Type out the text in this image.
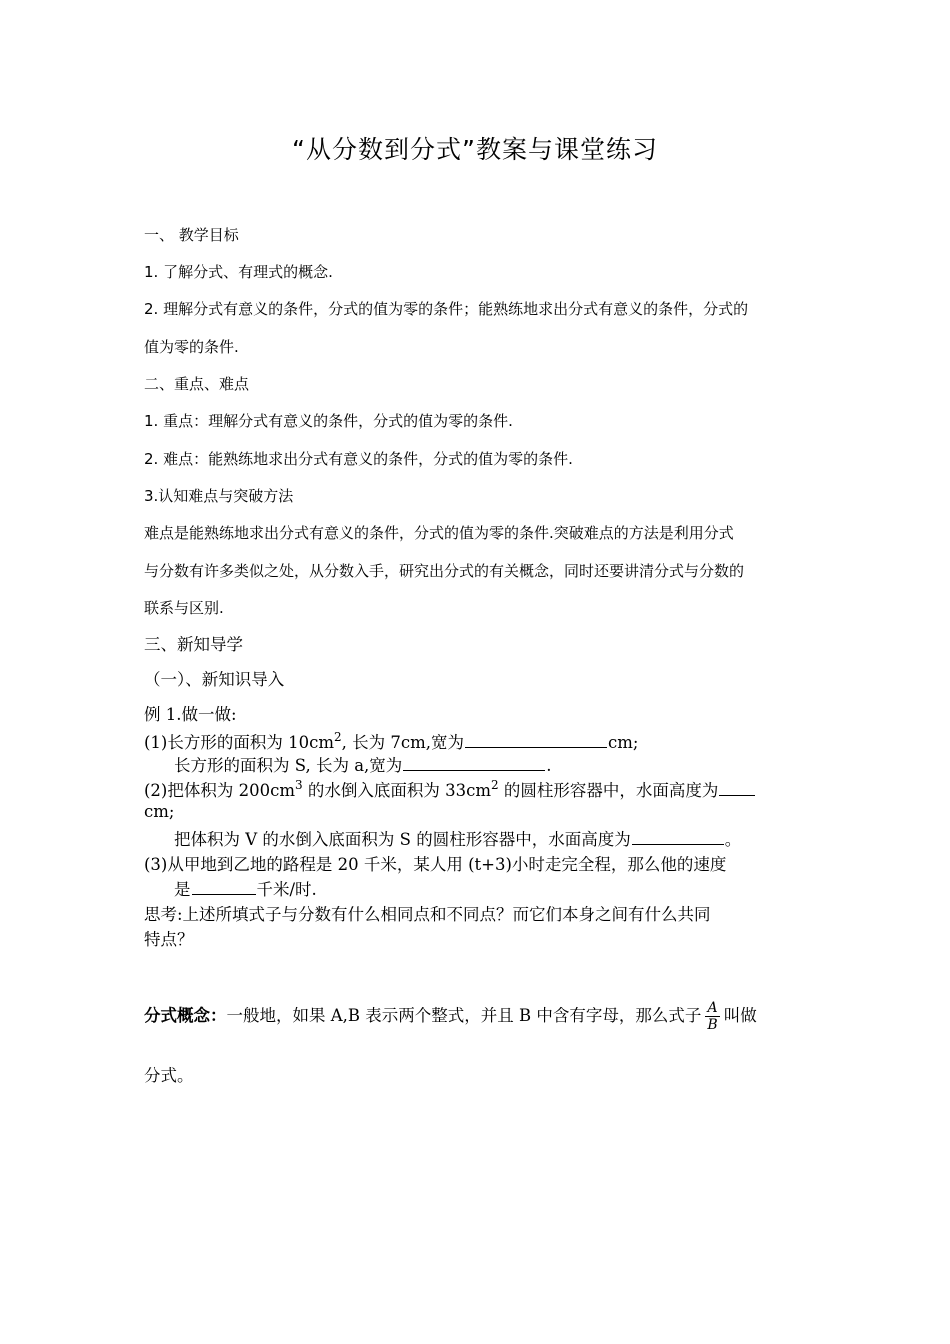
“从分数到分式”教案与课堂练习
一、 教学目标
1. 了解分式、有理式的概念.
2. 理解分式有意义的条件，分式的值为零的条件；能熟练地求出分式有意义的条件，分式的
值为零的条件.
二、重点、难点
1. 重点：理解分式有意义的条件，分式的值为零的条件.
2. 难点：能熟练地求出分式有意义的条件，分式的值为零的条件.
3.认知难点与突破方法
难点是能熟练地求出分式有意义的条件，分式的值为零的条件.突破难点的方法是利用分式
与分数有许多类似之处，从分数入手，研究出分式的有关概念，同时还要讲清分式与分数的
联系与区别.
三、新知导学
（一）、新知识导入
例 1.做一做:
(1)长方形的面积为 $10cm^2$, 长为 7cm,宽为	cm;
长方形的面积为 S, 长为 a,宽为	.
(2)把体积为 $200cm^3$ 的水倒入底面积为 $33cm^2$ 的圆柱形容器中，水面高度为
cm;
把体积为 V 的水倒入底面积为 S 的圆柱形容器中，水面高度为	。
(3)从甲地到乙地的路程是 20 千米，某人用 (t+3)小时走完全程，那么他的速度
是	千米/时.
思考:上述所填式子与分数有什么相同点和不同点？而它们本身之间有什么共同
特点？
分式概念：一般地，如果 A,B 表示两个整式，并且 B 中含有字母，那么式子 $\frac{A}{B}$ 叫做
分式。
